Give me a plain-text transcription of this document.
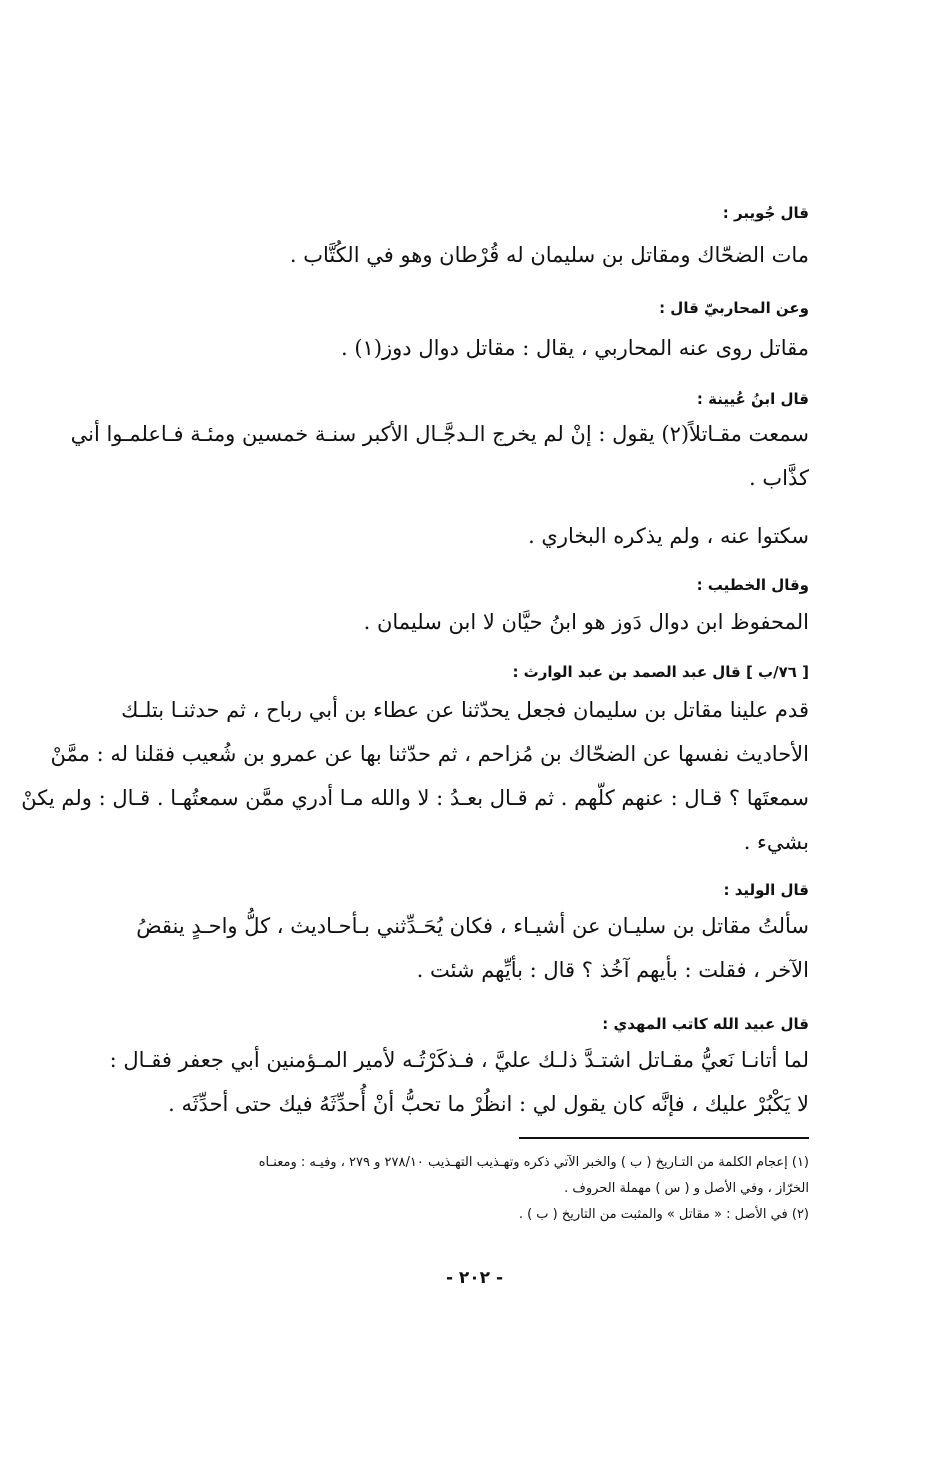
قال جُويبر :
مات الضحّاك ومقاتل بن سليمان له قُرْطان وهو في الكُتَّاب .
وعن المحاربيّ قال :
مقاتل روى عنه المحاربي ، يقال : مقاتل دوال دوز(١) .
قال ابنُ عُيينة :
سمعت مقـاتلاً(٢) يقول : إنْ لم يخرج الـدجَّـال الأكبر سنـة خمسين ومئـة فـاعلمـوا أني
كذَّاب .
سكتوا عنه ، ولم يذكره البخاري .
وقال الخطيب :
المحفوظ ابن دوال دَوز هو ابنُ حيَّان لا ابن سليمان .
[ ٧٦/ب ] قال عبد الصمد بن عبد الوارث :
قدم علينا مقاتل بن سليمان فجعل يحدّثنا عن عطاء بن أبي رباح ، ثم حدثنـا بتلـك
الأحاديث نفسها عن الضحّاك بن مُزاحم ، ثم حدّثنا بها عن عمرو بن شُعيب فقلنا له : ممَّنْ
سمعتَها ؟ قـال : عنهم كلّهم . ثم قـال بعـدُ : لا والله مـا أدري ممَّن سمعتُهـا . قـال : ولم يكنْ
بشيء .
قال الوليد :
سألتُ مقاتل بن سليـان عن أشيـاء ، فكان يُحَـدِّثني بـأحـاديث ، كلُّ واحـدٍ ينقضُ
الآخر ، فقلت : بأيهم آخُذ ؟ قال : بأيِّهم شئت .
قال عبيد الله كاتب المهدي :
لما أتانـا نَعيُّ مقـاتل اشتـدَّ ذلـك عليَّ ، فـذكَرْتُـه لأمير المـؤمنين أبي جعفر فقـال :
لا يَكْبُرْ عليك ، فإنَّه كان يقول لي : انظُرْ ما تحبُّ أنْ أُحدِّثَهُ فيك حتى أحدِّثَه .
(١) إعجام الكلمة من التـاريخ ( ب ) والخبر الآتي ذكره وتهـذيب التهـذيب ٢٧٨/١٠ و ٢٧٩ ، وفيـه : ومعنـاه
الخرّاز ، وفي الأصل و ( س ) مهملة الحروف .
(٢) في الأصل : « مقاتل » والمثبت من التاريخ ( ب ) .
- ٢٠٢ -
